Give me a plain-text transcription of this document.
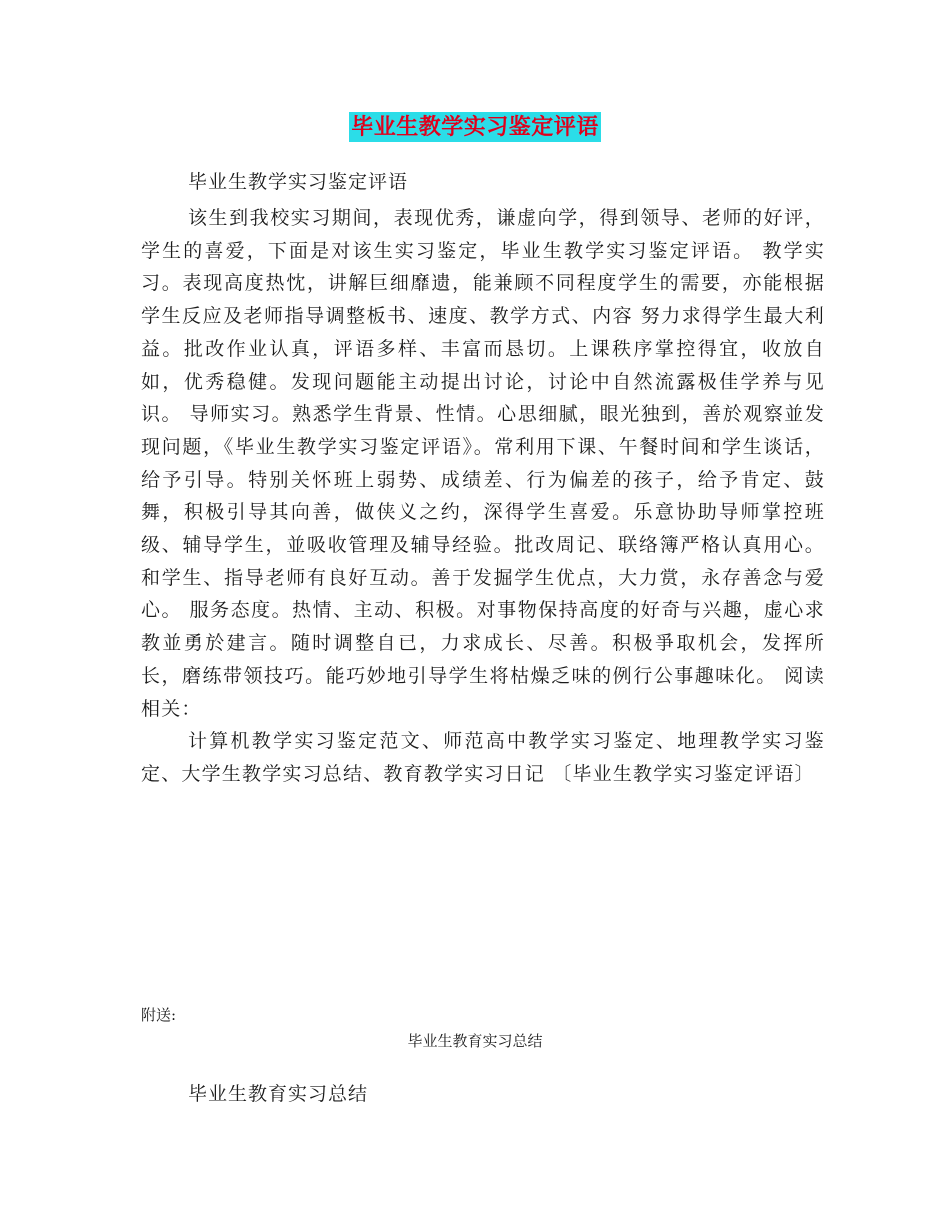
毕业生教学实习鉴定评语
毕业生教学实习鉴定评语

该生到我校实习期间，表现优秀，谦虚向学，得到领导、老师的好评，学生的喜爱，下面是对该生实习鉴定，毕业生教学实习鉴定评语。 教学实习。表现高度热忱，讲解巨细靡遗，能兼顾不同程度学生的需要，亦能根据学生反应及老师指导调整板书、速度、教学方式、内容 努力求得学生最大利益。批改作业认真，评语多样、丰富而恳切。上课秩序掌控得宜，收放自如，优秀稳健。发现问题能主动提出讨论，讨论中自然流露极佳学养与见识。 导师实习。熟悉学生背景、性情。心思细腻，眼光独到，善於观察並发现问题，《毕业生教学实习鉴定评语》。常利用下课、午餐时间和学生谈话，给予引导。特别关怀班上弱势、成绩差、行为偏差的孩子，给予肯定、鼓舞，积极引导其向善，做侠义之约，深得学生喜爱。乐意协助导师掌控班级、辅导学生，並吸收管理及辅导经验。批改周记、联络簿严格认真用心。和学生、指导老师有良好互动。善于发掘学生优点，大力赏，永存善念与爱心。 服务态度。热情、主动、积极。对事物保持高度的好奇与兴趣，虚心求教並勇於建言。随时调整自已，力求成长、尽善。积极爭取机会，发挥所长，磨练带领技巧。能巧妙地引导学生将枯燥乏味的例行公事趣味化。 阅读相关：

计算机教学实习鉴定范文、师范高中教学实习鉴定、地理教学实习鉴定、大学生教学实习总结、教育教学实习日记 〔毕业生教学实习鉴定评语〕

附送:
毕业生教育实习总结
毕业生教育实习总结
